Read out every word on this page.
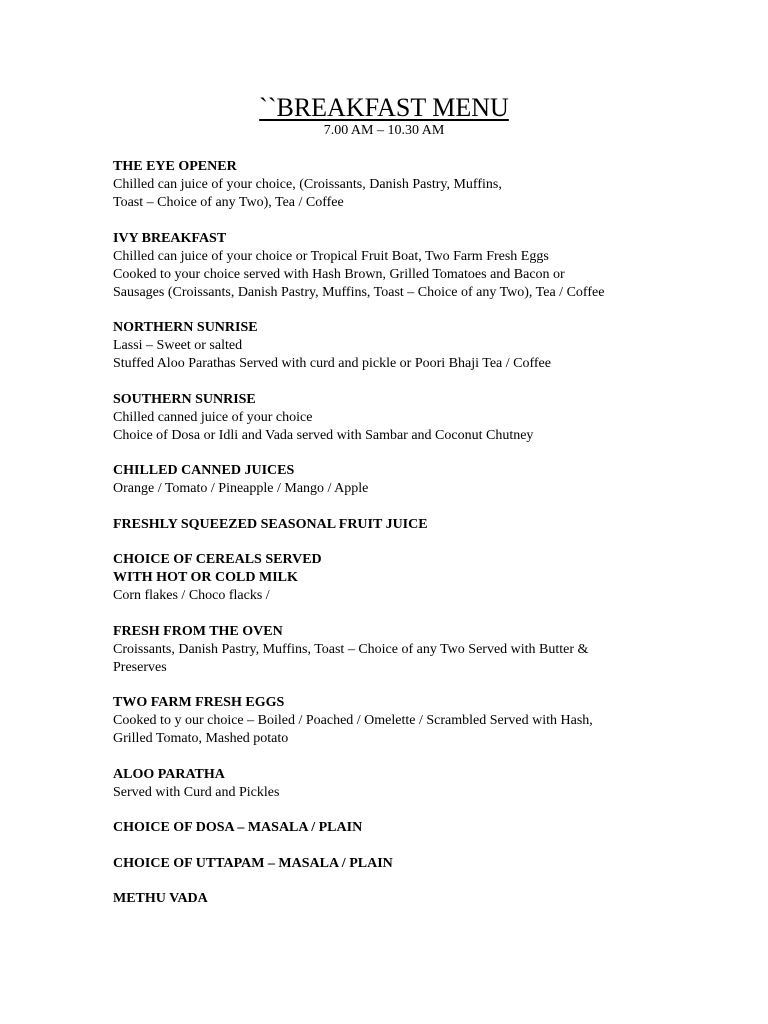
``BREAKFAST MENU
7.00 AM – 10.30 AM
THE EYE OPENER
Chilled can juice of your choice, (Croissants, Danish Pastry, Muffins,
Toast – Choice of any Two), Tea / Coffee
IVY BREAKFAST
Chilled can juice of your choice or Tropical Fruit Boat, Two Farm Fresh Eggs
Cooked to your choice served with Hash Brown, Grilled Tomatoes and Bacon or
Sausages (Croissants, Danish Pastry, Muffins, Toast – Choice of any Two), Tea / Coffee
NORTHERN SUNRISE
Lassi – Sweet or salted
Stuffed Aloo Parathas Served with curd and pickle or Poori Bhaji Tea / Coffee
SOUTHERN SUNRISE
Chilled canned juice of your choice
Choice of Dosa or Idli and Vada served with Sambar and Coconut Chutney
CHILLED CANNED JUICES
Orange / Tomato / Pineapple / Mango / Apple
FRESHLY SQUEEZED SEASONAL FRUIT JUICE
CHOICE OF CEREALS SERVED
WITH HOT OR COLD MILK
Corn flakes / Choco flacks /
FRESH FROM THE OVEN
Croissants, Danish Pastry, Muffins, Toast – Choice of any Two Served with Butter &
Preserves
TWO FARM FRESH EGGS
Cooked to y our choice – Boiled / Poached / Omelette / Scrambled Served with Hash,
Grilled Tomato, Mashed potato
ALOO PARATHA
Served with Curd and Pickles
CHOICE OF DOSA – MASALA / PLAIN
CHOICE OF UTTAPAM – MASALA / PLAIN
METHU VADA
